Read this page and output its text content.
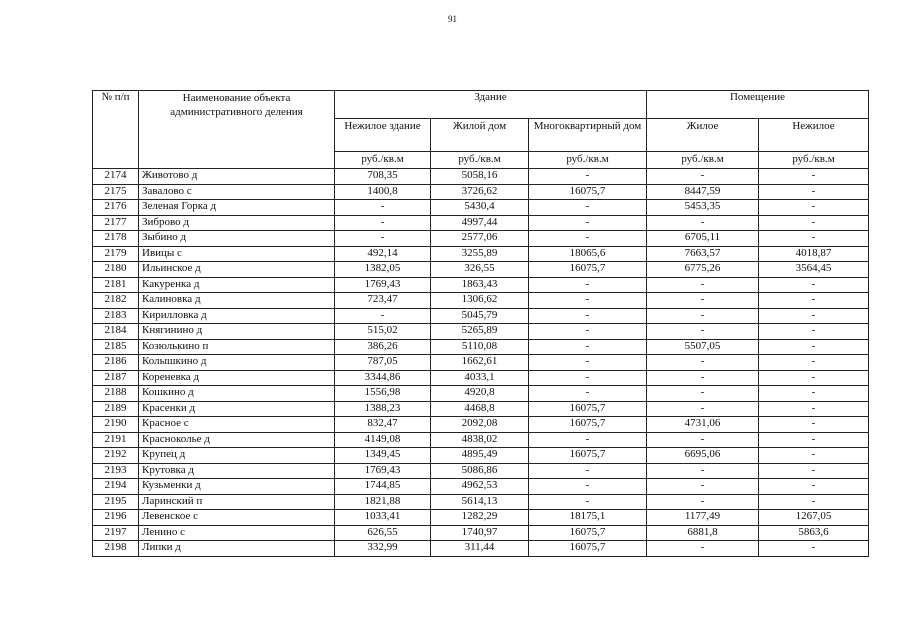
91
№ п/п	Наименование объекта административного деления	Здание			Помещение	
		Нежилое здание	Жилой дом	Многоквартирный дом	Жилое	Нежилое
		руб./кв.м	руб./кв.м	руб./кв.м	руб./кв.м	руб./кв.м
2174	Животово д	708,35	5058,16	-	-	-
2175	Завалово с	1400,8	3726,62	16075,7	8447,59	-
2176	Зеленая Горка д	-	5430,4	-	5453,35	-
2177	Зиброво д	-	4997,44	-	-	-
2178	Зыбино д	-	2577,06	-	6705,11	-
2179	Ивицы с	492,14	3255,89	18065,6	7663,57	4018,87
2180	Ильинское д	1382,05	326,55	16075,7	6775,26	3564,45
2181	Какуренка д	1769,43	1863,43	-	-	-
2182	Калиновка д	723,47	1306,62	-	-	-
2183	Кирилловка д	-	5045,79	-	-	-
2184	Княгинино д	515,02	5265,89	-	-	-
2185	Козюлькино п	386,26	5110,08	-	5507,05	-
2186	Колышкино д	787,05	1662,61	-	-	-
2187	Кореневка д	3344,86	4033,1	-	-	-
2188	Кошкино д	1556,98	4920,8	-	-	-
2189	Красенки д	1388,23	4468,8	16075,7	-	-
2190	Красное с	832,47	2092,08	16075,7	4731,06	-
2191	Краснокольe д	4149,08	4838,02	-	-	-
2192	Крупец д	1349,45	4895,49	16075,7	6695,06	-
2193	Крутовка д	1769,43	5086,86	-	-	-
2194	Кузьменки д	1744,85	4962,53	-	-	-
2195	Ларинский п	1821,88	5614,13	-	-	-
2196	Левенское с	1033,41	1282,29	18175,1	1177,49	1267,05
2197	Ленино с	626,55	1740,97	16075,7	6881,8	5863,6
2198	Липки д	332,99	311,44	16075,7	-	-
